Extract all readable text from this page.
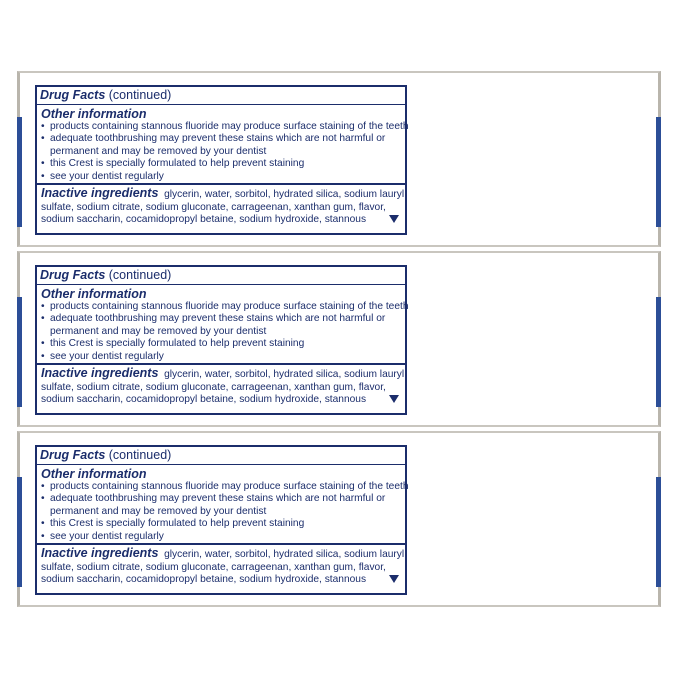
Drug Facts (continued)
Other information
• products containing stannous fluoride may produce surface staining of the teeth
• adequate toothbrushing may prevent these stains which are not harmful or
permanent and may be removed by your dentist
• this Crest is specially formulated to help prevent staining
• see your dentist regularly
Inactive ingredients glycerin, water, sorbitol, hydrated silica, sodium lauryl sulfate, sodium citrate, sodium gluconate, carrageenan, xanthan gum, flavor, sodium saccharin, cocamidopropyl betaine, sodium hydroxide, stannous
Drug Facts (continued)
Other information
• products containing stannous fluoride may produce surface staining of the teeth
• adequate toothbrushing may prevent these stains which are not harmful or
permanent and may be removed by your dentist
• this Crest is specially formulated to help prevent staining
• see your dentist regularly
Inactive ingredients glycerin, water, sorbitol, hydrated silica, sodium lauryl sulfate, sodium citrate, sodium gluconate, carrageenan, xanthan gum, flavor, sodium saccharin, cocamidopropyl betaine, sodium hydroxide, stannous
Drug Facts (continued)
Other information
• products containing stannous fluoride may produce surface staining of the teeth
• adequate toothbrushing may prevent these stains which are not harmful or
permanent and may be removed by your dentist
• this Crest is specially formulated to help prevent staining
• see your dentist regularly
Inactive ingredients glycerin, water, sorbitol, hydrated silica, sodium lauryl sulfate, sodium citrate, sodium gluconate, carrageenan, xanthan gum, flavor, sodium saccharin, cocamidopropyl betaine, sodium hydroxide, stannous
